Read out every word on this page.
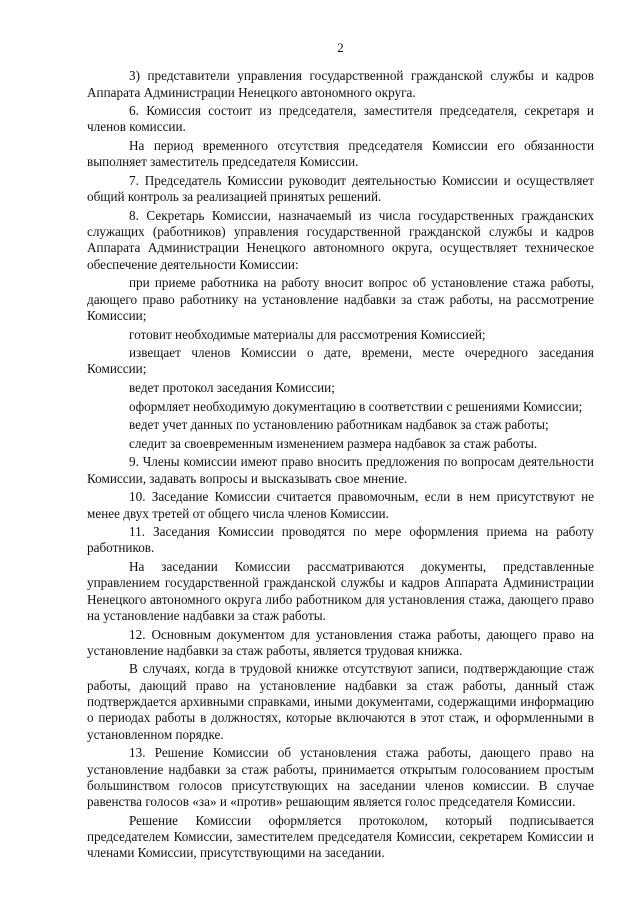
2

3) представители управления государственной гражданской службы и кадров Аппарата Администрации Ненецкого автономного округа.

6. Комиссия состоит из председателя, заместителя председателя, секретаря и членов комиссии.

На период временного отсутствия председателя Комиссии его обязанности выполняет заместитель председателя Комиссии.

7. Председатель Комиссии руководит деятельностью Комиссии и осуществляет общий контроль за реализацией принятых решений.

8. Секретарь Комиссии, назначаемый из числа государственных гражданских служащих (работников) управления государственной гражданской службы и кадров Аппарата Администрации Ненецкого автономного округа, осуществляет техническое обеспечение деятельности Комиссии:

при приеме работника на работу вносит вопрос об установление стажа работы, дающего право работнику на установление надбавки за стаж работы, на рассмотрение Комиссии;

готовит необходимые материалы для рассмотрения Комиссией;

извещает членов Комиссии о дате, времени, месте очередного заседания Комиссии;

ведет протокол заседания Комиссии;

оформляет необходимую документацию в соответствии с решениями Комиссии;

ведет учет данных по установлению работникам надбавок за стаж работы;

следит за своевременным изменением размера надбавок за стаж работы.

9. Члены комиссии имеют право вносить предложения по вопросам деятельности Комиссии, задавать вопросы и высказывать свое мнение.

10. Заседание Комиссии считается правомочным, если в нем присутствуют не менее двух третей от общего числа членов Комиссии.

11. Заседания Комиссии проводятся по мере оформления приема на работу работников.

На заседании Комиссии рассматриваются документы, представленные управлением государственной гражданской службы и кадров Аппарата Администрации Ненецкого автономного округа либо работником для установления стажа, дающего право на установление надбавки за стаж работы.

12. Основным документом для установления стажа работы, дающего право на установление надбавки за стаж работы, является трудовая книжка.

В случаях, когда в трудовой книжке отсутствуют записи, подтверждающие стаж работы, дающий право на установление надбавки за стаж работы, данный стаж подтверждается архивными справками, иными документами, содержащими информацию о периодах работы в должностях, которые включаются в этот стаж, и оформленными в установленном порядке.

13. Решение Комиссии об установления стажа работы, дающего право на установление надбавки за стаж работы, принимается открытым голосованием простым большинством голосов присутствующих на заседании членов комиссии. В случае равенства голосов «за» и «против» решающим является голос председателя Комиссии.

Решение Комиссии оформляется протоколом, который подписывается председателем Комиссии, заместителем председателя Комиссии, секретарем Комиссии и членами Комиссии, присутствующими на заседании.
